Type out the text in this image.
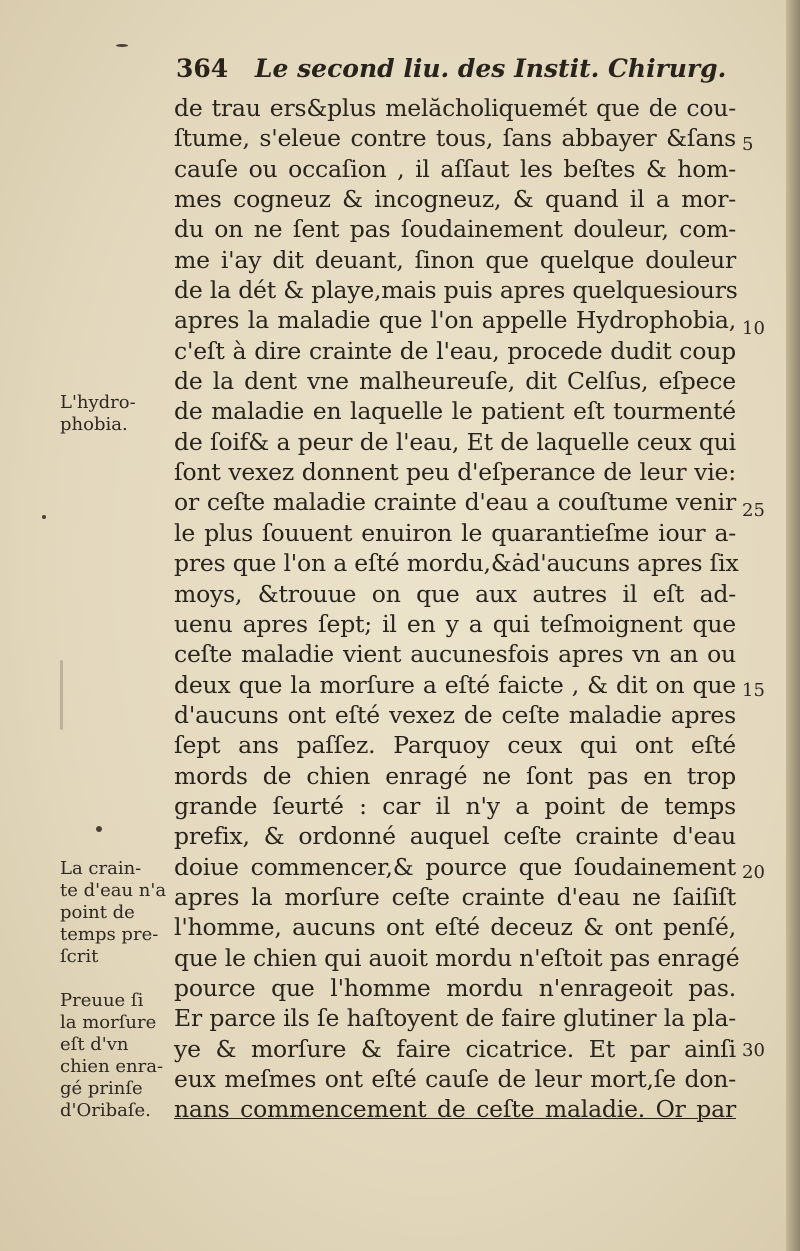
364 Le second liu. des Instit. Chirurg.
de trau ers&plus melăcholiquemét que de cou-
ſtume, s'eleue contre tous, ſans abbayer &ſans
cauſe ou occaſion , il aſſaut les beſtes & hom-
mes cogneuz & incogneuz, & quand il a mor-
du on ne ſent pas ſoudainement douleur, com-
me i'ay dit deuant, ſinon que quelque douleur
de la dét & playe,mais puis apres quelquesiours
apres la maladie que l'on appelle Hydrophobia,
c'eſt à dire crainte de l'eau, procede dudit coup
de la dent vne malheureuſe, dit Celſus, eſpece
de maladie en laquelle le patient eſt tourmenté
de ſoif& a peur de l'eau, Et de laquelle ceux qui
ſont vexez donnent peu d'eſperance de leur vie:
or ceſte maladie crainte d'eau a couſtume venir
le plus ſouuent enuiron le quarantieſme iour a-
pres que l'on a eſté mordu,&ȧd'aucuns apres ſix
moys, &trouue on que aux autres il eſt ad-
uenu apres ſept; il en y a qui teſmoignent que
ceſte maladie vient aucunesfois apres vn an ou
deux que la morſure a eſté faicte , & dit on que
d'aucuns ont eſté vexez de ceſte maladie apres
ſept ans paſſez. Parquoy ceux qui ont eſté
mords de chien enragé ne ſont pas en trop
grande ſeurté : car il n'y a point de temps
prefix, & ordonné auquel ceſte crainte d'eau
doiue commencer,& pource que ſoudainement
apres la morſure ceſte crainte d'eau ne ſaiſiſt
l'homme, aucuns ont eſté deceuz & ont penſé,
que le chien qui auoit mordu n'eſtoit pas enragé
pource que l'homme mordu n'enrageoit pas.
Er parce ils ſe haſtoyent de faire glutiner la pla-
ye & morſure & faire cicatrice. Et par ainſi
eux meſmes ont eſté cauſe de leur mort,ſe don-
nans commencement de ceſte maladie. Or par
L'hydro-
phobia.
La crain-
te d'eau n'a
point de
temps pre-
ſcrit
Preuue ſi
la morſure
eſt d'vn
chien enra-
gé prinſe
d'Oribaſe.
5
10
25
15
20
30
